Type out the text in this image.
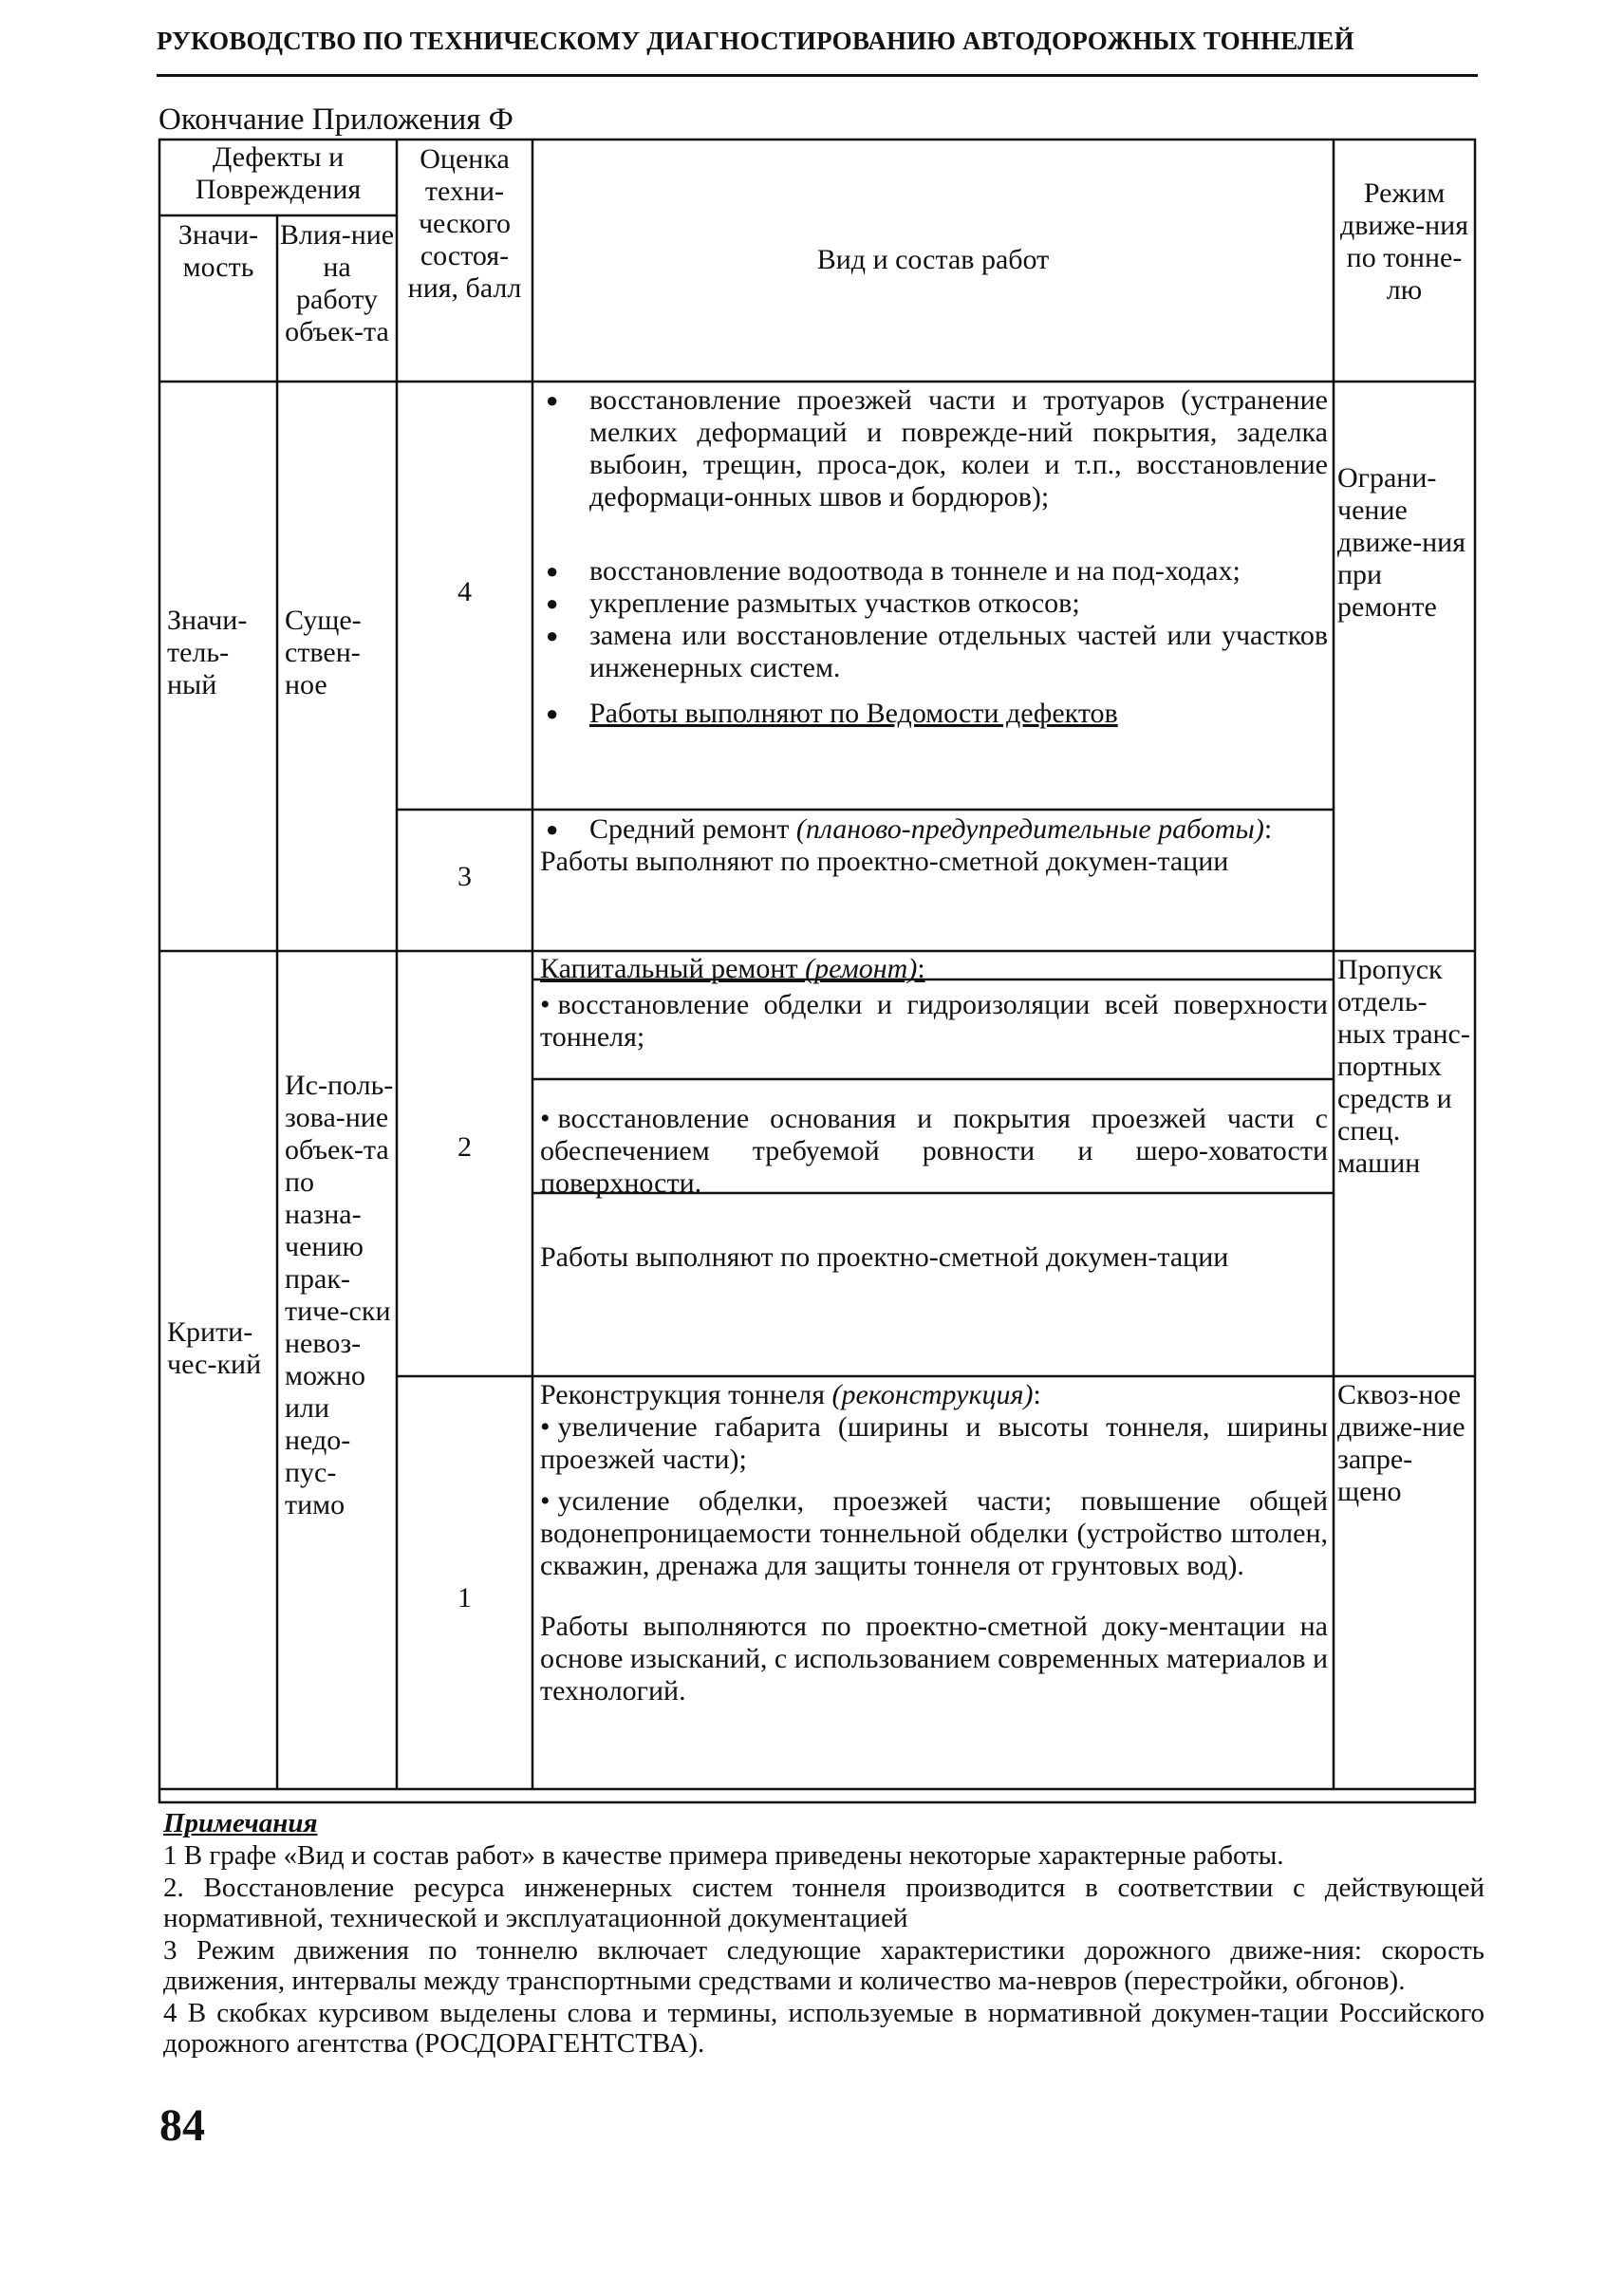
РУКОВОДСТВО ПО ТЕХНИЧЕСКОМУ ДИАГНОСТИРОВАНИЮ АВТОДОРОЖНЫХ ТОННЕЛЕЙ
Окончание Приложения Ф
Дефекты и Повреждения
Значи-мость
Влия-ние на работу объек-та
Оценка техни-ческого состоя-ния, балл
Вид и состав работ
Режим движе-ния по тонне-лю
Значи-тель-ный
Суще-ствен-ное
4
● восстановление проезжей части и тротуаров (устранение мелких деформаций и поврежде-ний покрытия, заделка выбоин, трещин, проса-док, колеи и т.п., восстановление деформаци-онных швов и бордюров);
● восстановление водоотвода в тоннеле и на под-ходах;
● укрепление размытых участков откосов;
● замена или восстановление отдельных частей или участков инженерных систем.
● Работы выполняют по Ведомости дефектов
Ограни-чение движе-ния при ремонте
3
● Средний ремонт (планово-предупредительные работы):
Работы выполняют по проектно-сметной докумен-тации
Крити-чес-кий
Ис-поль-зова-ние объек-та по назна-чению прак-тиче-ски невоз-можно или недо-пус-тимо
2
Капитальный ремонт (ремонт):
• восстановление обделки и гидроизоляции всей поверхности тоннеля;
• восстановление основания и покрытия проезжей части с обеспечением требуемой ровности и шеро-ховатости поверхности.
Работы выполняют по проектно-сметной докумен-тации
Пропуск отдель-ных транс-портных средств и спец. машин
1
Реконструкция тоннеля (реконструкция):
• увеличение габарита (ширины и высоты тоннеля, ширины проезжей части);
• усиление обделки, проезжей части; повышение общей водонепроницаемости тоннельной обделки (устройство штолен, скважин, дренажа для защиты тоннеля от грунтовых вод).
Работы выполняются по проектно-сметной доку-ментации на основе изысканий, с использованием современных материалов и технологий.
Сквоз-ное движе-ние запре-щено

Примечания

1 В графе «Вид и состав работ» в качестве примера приведены некоторые характерные работы.

2. Восстановление ресурса инженерных систем тоннеля производится в соответствии с действующей нормативной, технической и эксплуатационной документацией

3 Режим движения по тоннелю включает следующие характеристики дорожного движе-ния: скорость движения, интервалы между транспортными средствами и количество ма-невров (перестройки, обгонов).

4 В скобках курсивом выделены слова и термины, используемые в нормативной докумен-тации Российского дорожного агентства (РОСДОРАГЕНТСТВА).

84
